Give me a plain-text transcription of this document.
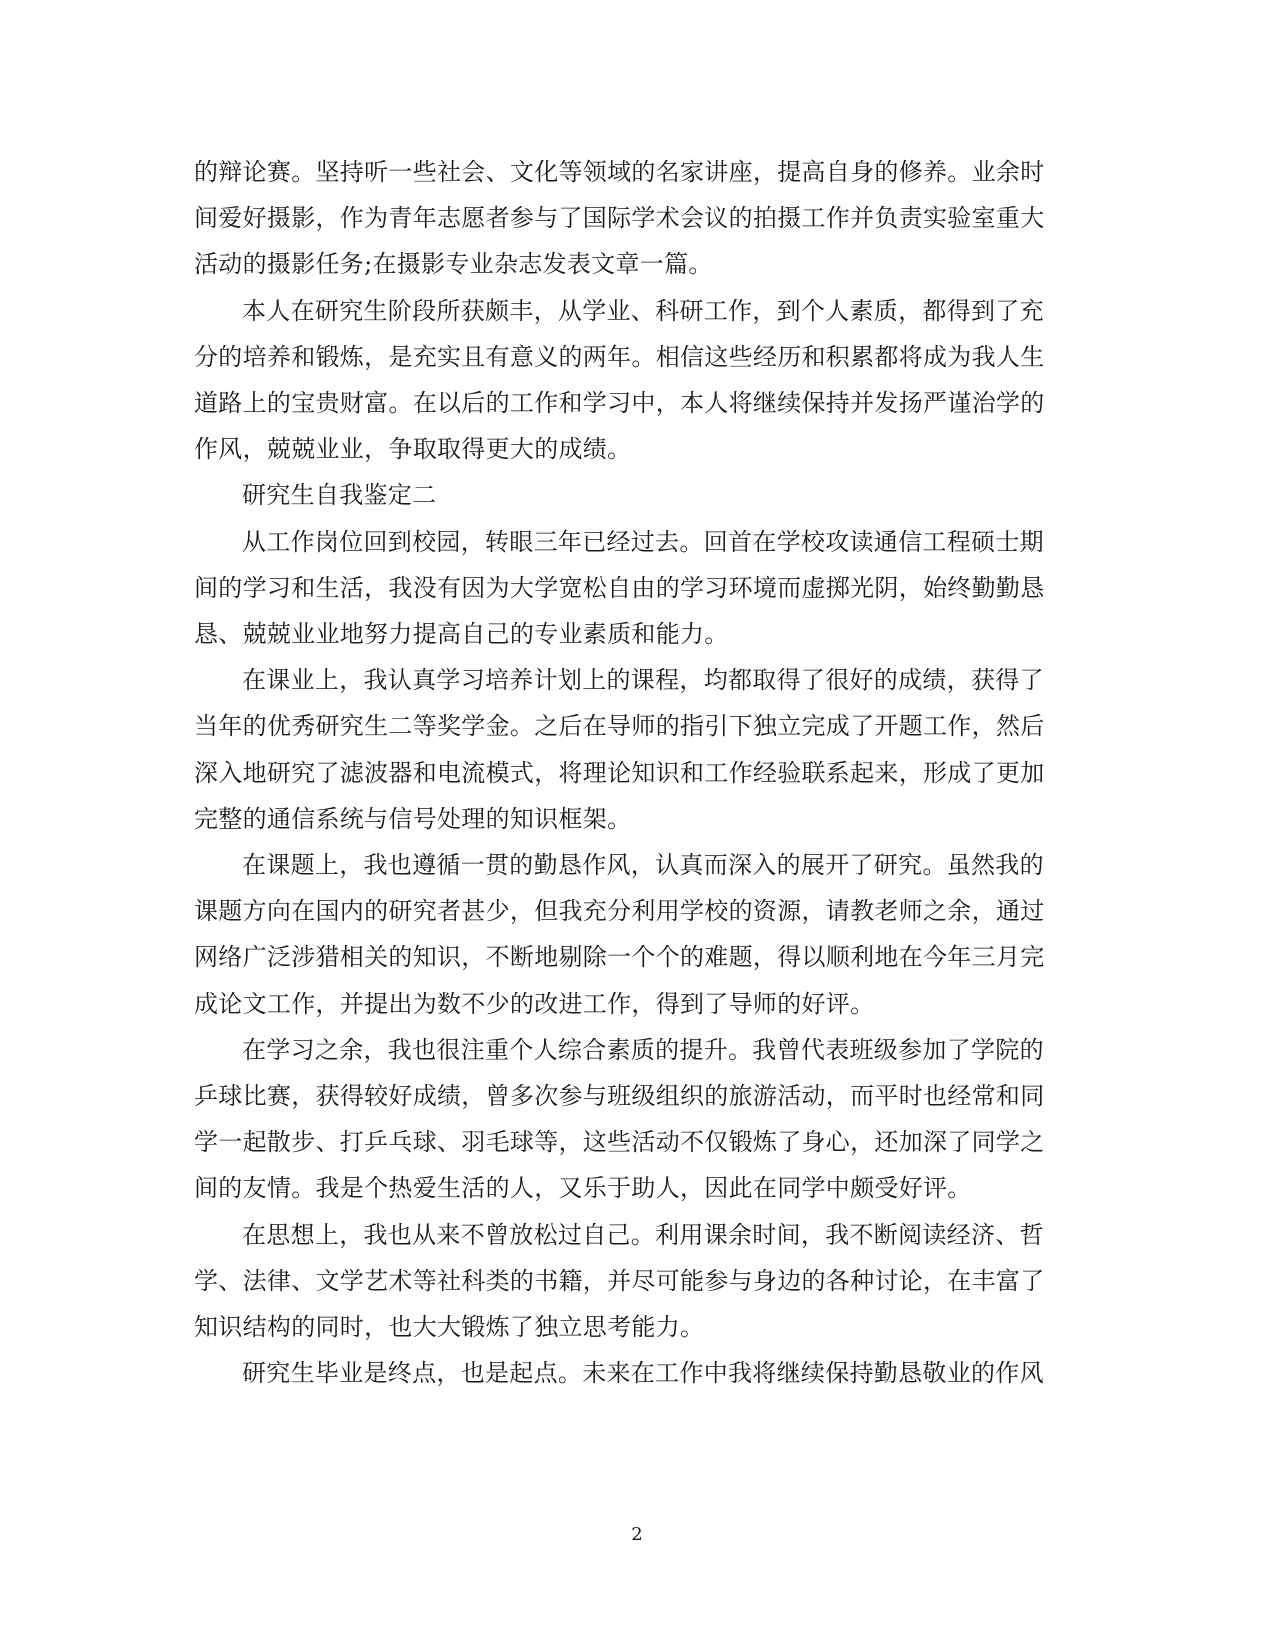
的辩论赛。坚持听一些社会、文化等领域的名家讲座，提高自身的修养。业余时
间爱好摄影，作为青年志愿者参与了国际学术会议的拍摄工作并负责实验室重大
活动的摄影任务;在摄影专业杂志发表文章一篇。
本人在研究生阶段所获颇丰，从学业、科研工作，到个人素质，都得到了充
分的培养和锻炼，是充实且有意义的两年。相信这些经历和积累都将成为我人生
道路上的宝贵财富。在以后的工作和学习中，本人将继续保持并发扬严谨治学的
作风，兢兢业业，争取取得更大的成绩。
研究生自我鉴定二
从工作岗位回到校园，转眼三年已经过去。回首在学校攻读通信工程硕士期
间的学习和生活，我没有因为大学宽松自由的学习环境而虚掷光阴，始终勤勤恳
恳、兢兢业业地努力提高自己的专业素质和能力。
在课业上，我认真学习培养计划上的课程，均都取得了很好的成绩，获得了
当年的优秀研究生二等奖学金。之后在导师的指引下独立完成了开题工作，然后
深入地研究了滤波器和电流模式，将理论知识和工作经验联系起来，形成了更加
完整的通信系统与信号处理的知识框架。
在课题上，我也遵循一贯的勤恳作风，认真而深入的展开了研究。虽然我的
课题方向在国内的研究者甚少，但我充分利用学校的资源，请教老师之余，通过
网络广泛涉猎相关的知识，不断地剔除一个个的难题，得以顺利地在今年三月完
成论文工作，并提出为数不少的改进工作，得到了导师的好评。
在学习之余，我也很注重个人综合素质的提升。我曾代表班级参加了学院的
乒球比赛，获得较好成绩，曾多次参与班级组织的旅游活动，而平时也经常和同
学一起散步、打乒乓球、羽毛球等，这些活动不仅锻炼了身心，还加深了同学之
间的友情。我是个热爱生活的人，又乐于助人，因此在同学中颇受好评。
在思想上，我也从来不曾放松过自己。利用课余时间，我不断阅读经济、哲
学、法律、文学艺术等社科类的书籍，并尽可能参与身边的各种讨论，在丰富了
知识结构的同时，也大大锻炼了独立思考能力。
研究生毕业是终点，也是起点。未来在工作中我将继续保持勤恳敬业的作风
2
